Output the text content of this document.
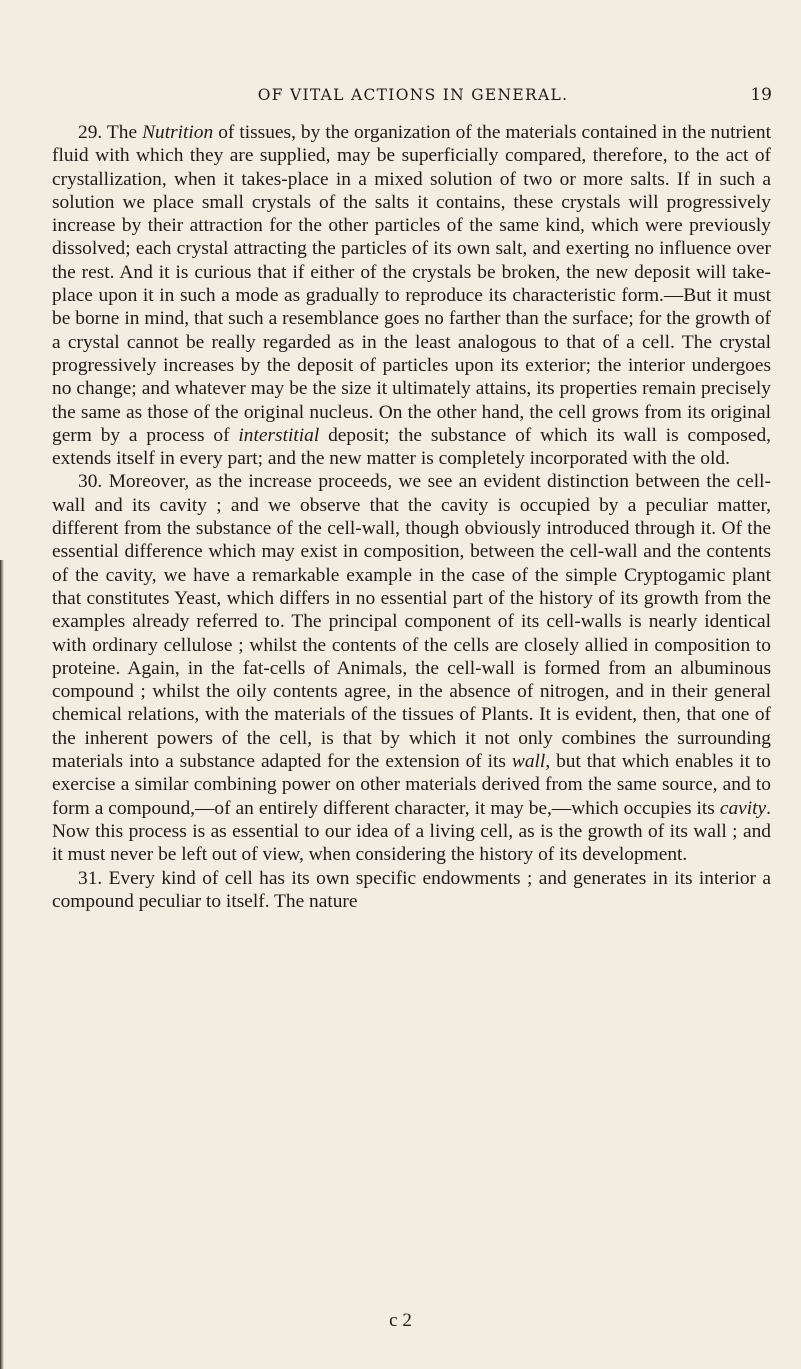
OF VITAL ACTIONS IN GENERAL.	19

29. The Nutrition of tissues, by the organization of the materials contained in the nutrient fluid with which they are supplied, may be superficially compared, therefore, to the act of crystallization, when it takes-place in a mixed solution of two or more salts. If in such a solution we place small crystals of the salts it contains, these crystals will progressively increase by their attraction for the other particles of the same kind, which were previously dissolved; each crystal attracting the particles of its own salt, and exerting no influence over the rest. And it is curious that if either of the crystals be broken, the new deposit will take-place upon it in such a mode as gradually to reproduce its characteristic form.—But it must be borne in mind, that such a resemblance goes no farther than the surface; for the growth of a crystal cannot be really regarded as in the least analogous to that of a cell. The crystal progressively increases by the deposit of particles upon its exterior; the interior undergoes no change; and whatever may be the size it ultimately attains, its properties remain precisely the same as those of the original nucleus. On the other hand, the cell grows from its original germ by a process of interstitial deposit; the substance of which its wall is composed, extends itself in every part; and the new matter is completely incorporated with the old.

30. Moreover, as the increase proceeds, we see an evident distinction between the cell-wall and its cavity ; and we observe that the cavity is occupied by a peculiar matter, different from the substance of the cell-wall, though obviously introduced through it. Of the essential difference which may exist in composition, between the cell-wall and the contents of the cavity, we have a remarkable example in the case of the simple Cryptogamic plant that constitutes Yeast, which differs in no essential part of the history of its growth from the examples already referred to. The principal component of its cell-walls is nearly identical with ordinary cellulose ; whilst the contents of the cells are closely allied in composition to proteine. Again, in the fat-cells of Animals, the cell-wall is formed from an albuminous compound ; whilst the oily contents agree, in the absence of nitrogen, and in their general chemical relations, with the materials of the tissues of Plants. It is evident, then, that one of the inherent powers of the cell, is that by which it not only combines the surrounding materials into a substance adapted for the extension of its wall, but that which enables it to exercise a similar combining power on other materials derived from the same source, and to form a compound,—of an entirely different character, it may be,—which occupies its cavity. Now this process is as essential to our idea of a living cell, as is the growth of its wall ; and it must never be left out of view, when considering the history of its development.

31. Every kind of cell has its own specific endowments ; and generates in its interior a compound peculiar to itself. The nature

c 2
